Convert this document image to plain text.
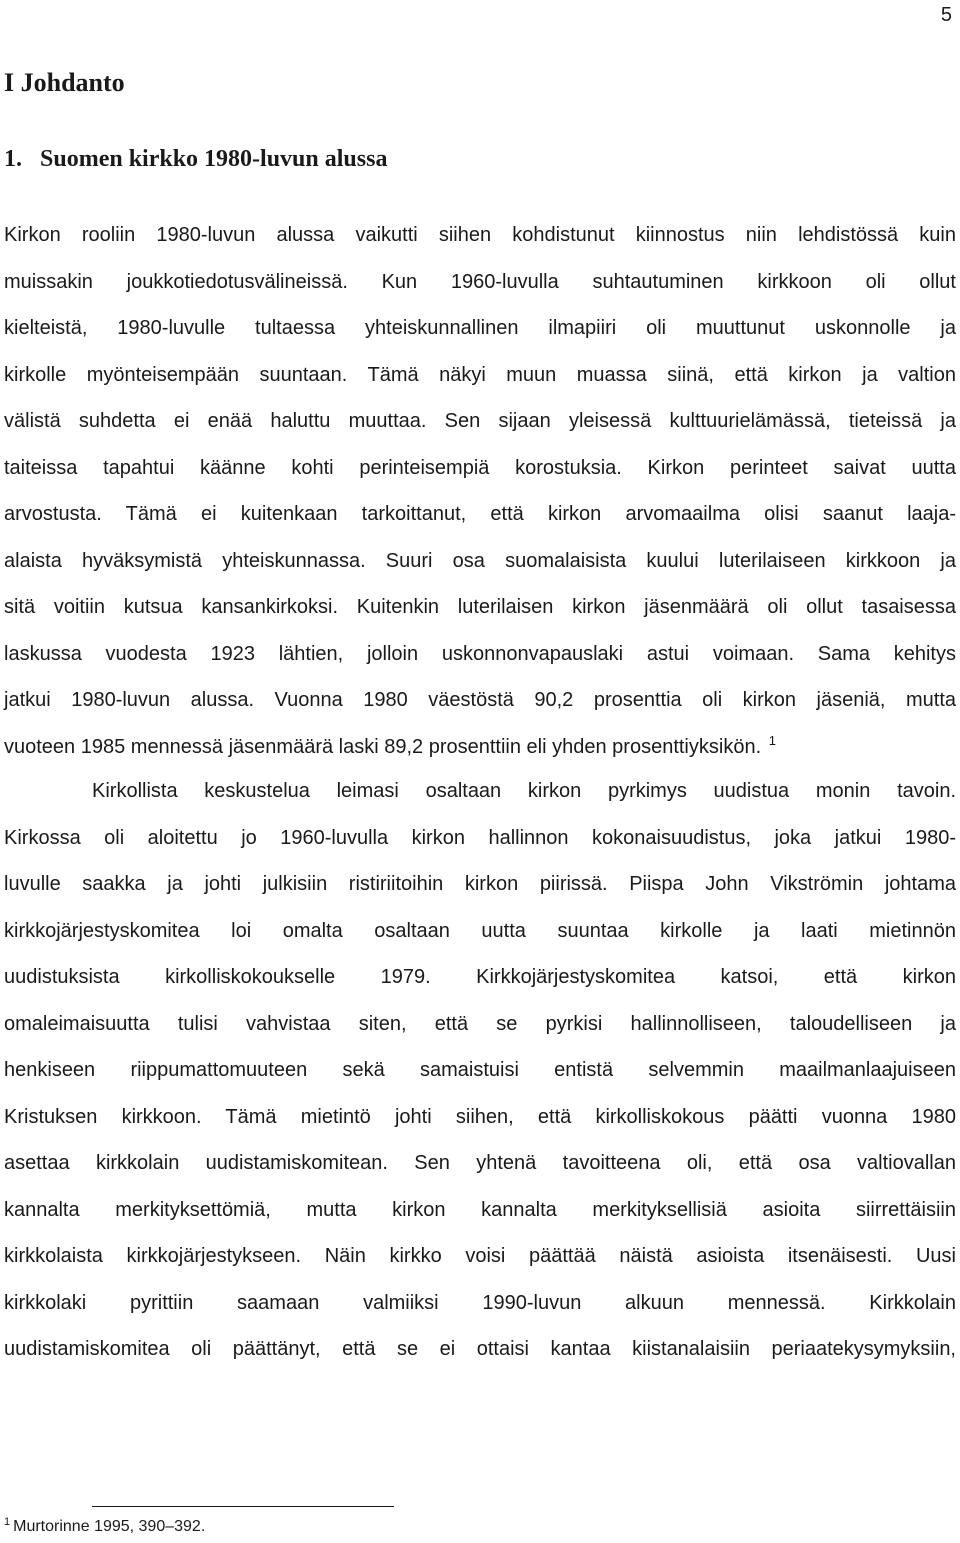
5
I Johdanto
1. Suomen kirkko 1980-luvun alussa
Kirkon rooliin 1980-luvun alussa vaikutti siihen kohdistunut kiinnostus niin lehdistössä kuin
muissakin joukkotiedotusvälineissä. Kun 1960-luvulla suhtautuminen kirkkoon oli ollut
kielteistä, 1980-luvulle tultaessa yhteiskunnallinen ilmapiiri oli muuttunut uskonnolle ja
kirkolle myönteisempään suuntaan. Tämä näkyi muun muassa siinä, että kirkon ja valtion
välistä suhdetta ei enää haluttu muuttaa. Sen sijaan yleisessä kulttuurielämässä, tieteissä ja
taiteissa tapahtui käänne kohti perinteisempiä korostuksia. Kirkon perinteet saivat uutta
arvostusta. Tämä ei kuitenkaan tarkoittanut, että kirkon arvomaailma olisi saanut laaja-
alaista hyväksymistä yhteiskunnassa. Suuri osa suomalaisista kuului luterilaiseen kirkkoon ja
sitä voitiin kutsua kansankirkoksi. Kuitenkin luterilaisen kirkon jäsenmäärä oli ollut tasaisessa
laskussa vuodesta 1923 lähtien, jolloin uskonnonvapauslaki astui voimaan. Sama kehitys
jatkui 1980-luvun alussa. Vuonna 1980 väestöstä 90,2 prosenttia oli kirkon jäseniä, mutta
vuoteen 1985 mennessä jäsenmäärä laski 89,2 prosenttiin eli yhden prosenttiyksikön. $^1$
Kirkollista keskustelua leimasi osaltaan kirkon pyrkimys uudistua monin tavoin.
Kirkossa oli aloitettu jo 1960-luvulla kirkon hallinnon kokonaisuudistus, joka jatkui 1980-
luvulle saakka ja johti julkisiin ristiriitoihin kirkon piirissä. Piispa John Vikströmin johtama
kirkkojärjestyskomitea loi omalta osaltaan uutta suuntaa kirkolle ja laati mietinnön
uudistuksista kirkolliskokoukselle 1979. Kirkkojärjestyskomitea katsoi, että kirkon
omaleimaisuutta tulisi vahvistaa siten, että se pyrkisi hallinnolliseen, taloudelliseen ja
henkiseen riippumattomuuteen sekä samaistuisi entistä selvemmin maailmanlaajuiseen
Kristuksen kirkkoon. Tämä mietintö johti siihen, että kirkolliskokous päätti vuonna 1980
asettaa kirkkolain uudistamiskomitean. Sen yhtenä tavoitteena oli, että osa valtiovallan
kannalta merkityksettömiä, mutta kirkon kannalta merkityksellisiä asioita siirrettäisiin
kirkkolaista kirkkojärjestykseen. Näin kirkko voisi päättää näistä asioista itsenäisesti. Uusi
kirkkolaki pyrittiin saamaan valmiiksi 1990-luvun alkuun mennessä. Kirkkolain
uudistamiskomitea oli päättänyt, että se ei ottaisi kantaa kiistanalaisiin periaatekysymyksiin,
$^1$ Murtorinne 1995, 390–392.
